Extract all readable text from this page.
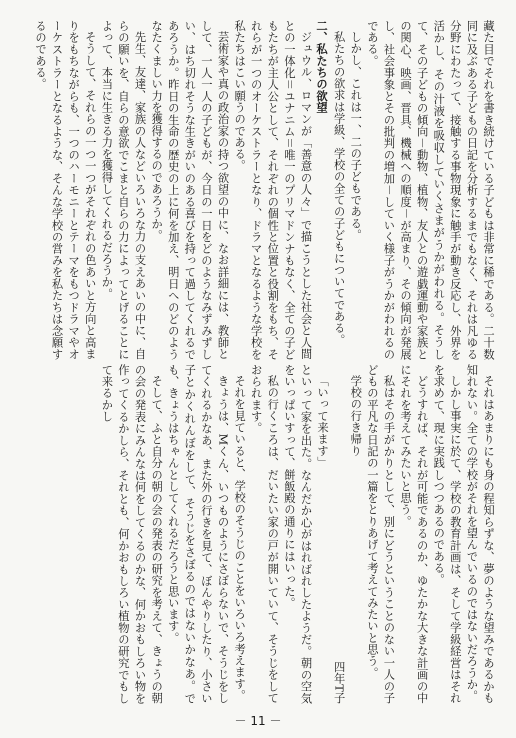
藏た目でそれを書き続けている子どもは非常に稀である。二十数同に及ぶある子どもの日記を分析するまでもなく、それは凡ゆる分野にわたって、接触する事物現象に触手が動き反応し、外界を活かし、その汁液を吸収していくさまがうかがわれる。そうして、その子どもの傾向－動物、植物、友人との遊戯運動や家族との関心、映画、晋具、機械への順度－が高まり、その傾向が発展し、社会事象とその批判の増加－していく様子がうかがわれるのである。

しかし、これは一、二の子どもである。

私たちの欲求は学級、学校の全ての子どもについてである。

二、私たちの欲望

ジュウル、ロマンが「善意の人々」で描こうとした社会と人間との一体化＝ユナニム＝唯一のプリマドンナもなく、全ての子どもたちが主人公として、それぞれの個性と位置と役割をもち、それらが一つのオーケストラーとなり、ドラマとなるような学校を私たちはこい願うのである。

芸術家や真の政治家の持つ欲望の中に、なお詳細には、教師として、一人一人の子どもが、今日の一日をどのようなみずみずしい、はち切れそうな生きがいのある喜びを持って過してくれるであろうか。昨日の生命の歴史の上に何を加え、明日へのどのようなたくましい力を獲得するのであろうか。

先生、友達、家族の人などいろいろな力の支えあいの中に、自らの願いを、自らの意欲でこまと自らの力によってとげることによって、本当に生きる力を獲得してくれるだろうか。

そうして、それらの一つ一つがそれぞれの色あいと方向と高まりをもちながらも、一つのハーモニーとテーマをもつドラマやオーケストラーとなるような、そんな学校の営みを私たちは念願するのである。

それはあまりにも身の程知らずな、夢のような望みであるかも知れない。全ての学校がそれを望んでいるのではないだろうか。

しかし事実に於て、学校の教育計画は、そして学級経営はそれを求めて、現に実践しつつあるのである。

どうすれば、それが可能であるのか、ゆたかな大きな計画の中にそれを考えてみたいと思う。

私はその手がかりとして、別にどうということのない一人の子どもの平凡な日記の一篇をとりあげて考えてみたいと思う。

学校の行き帰り

四年T子

「いって来ます」

といって家を出た。なんだか心がはればれしたようだ。朝の空気をいっぱいすって、餅飯殿の通りにはいった。

私の行くころは、だいたい家の戸が開いていて、そうじをしておられます。

それを見ていると、学校のそうじのことをいろいろ考えます。

きょうは、Mくん、いつものようにさぼらないで、そうじをしてくれるかなあ、また外の行きを見て、ぼんやりしたり、小さい子とかくれんぼをして、そうじをさぼるのではないかなあ。でも、きょうはちゃんとしてくれるだろうと思います。

そして、ふと自分の朝の会の発表の研究を考えて、きょうの朝の会の発表にみんなは何をしてくるのかな、何かおもしろい物を作ってくるかしら、それとも、何かおもしろい植物の研究でもして来るかし

－ 11 －
